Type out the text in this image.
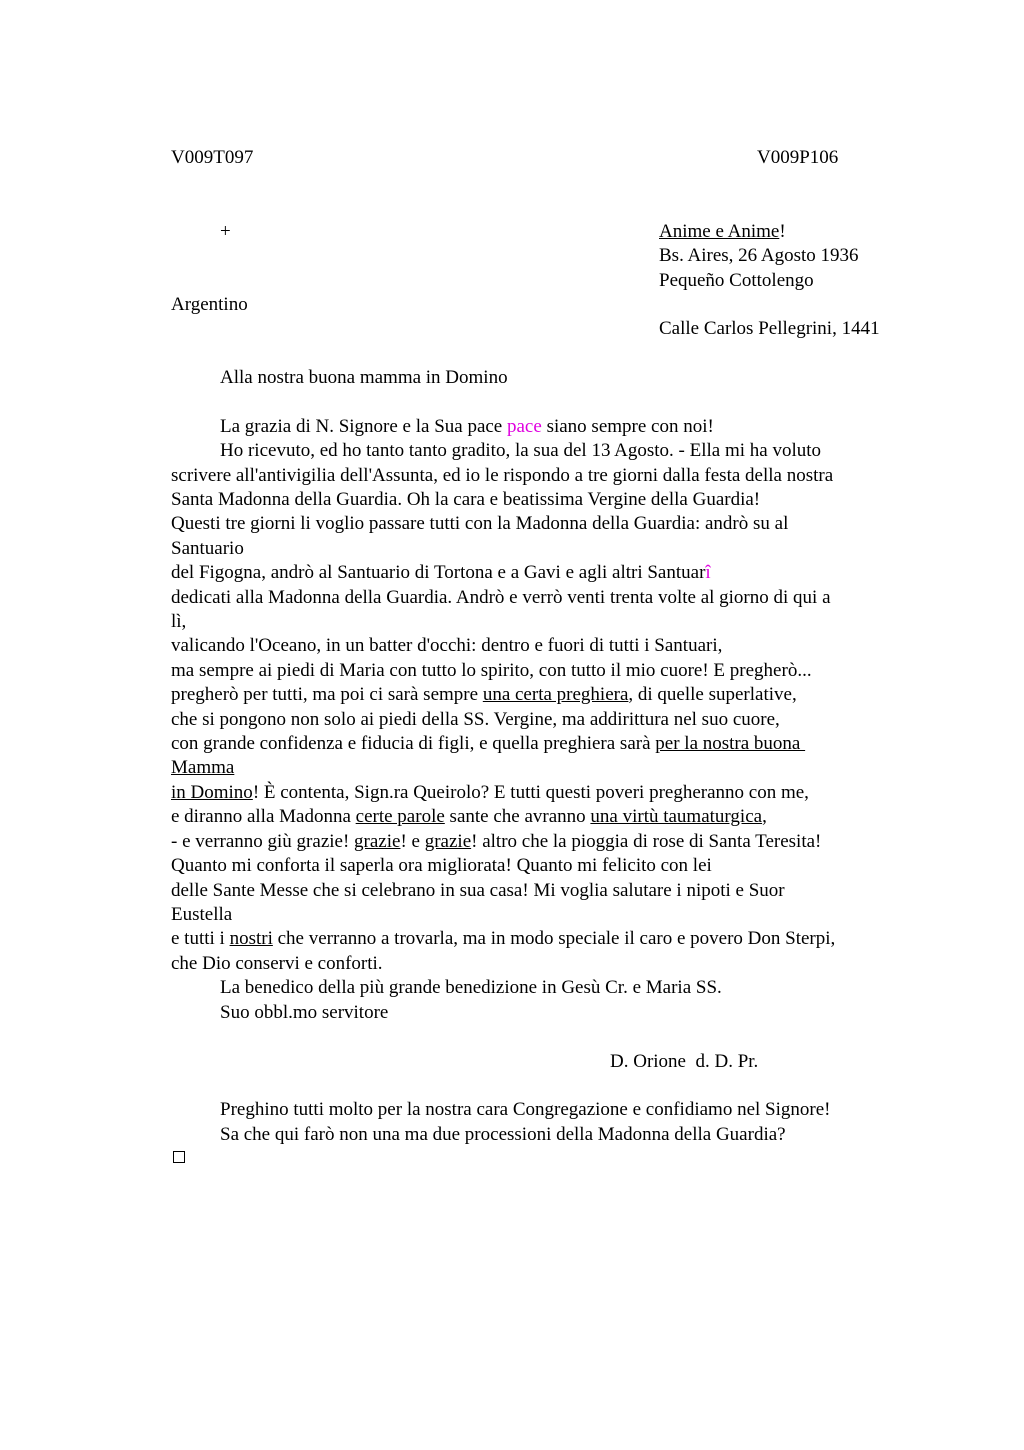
V009T097	V009P106
+	Anime e Anime!
Bs. Aires, 26 Agosto 1936
Pequeño Cottolengo
Argentino
Calle Carlos Pellegrini, 1441
Alla nostra buona mamma in Domino
La grazia di N. Signore e la Sua pace pace siano sempre con noi!
Ho ricevuto, ed ho tanto tanto gradito, la sua del 13 Agosto. - Ella mi ha voluto
scrivere all'antivigilia dell'Assunta, ed io le rispondo a tre giorni dalla festa della nostra
Santa Madonna della Guardia. Oh la cara e beatissima Vergine della Guardia!
Questi tre giorni li voglio passare tutti con la Madonna della Guardia: andrò su al
Santuario
del Figogna, andrò al Santuario di Tortona e a Gavi e agli altri Santuarî
dedicati alla Madonna della Guardia. Andrò e verrò venti trenta volte al giorno di qui a
lì,
valicando l'Oceano, in un batter d'occhi: dentro e fuori di tutti i Santuari,
ma sempre ai piedi di Maria con tutto lo spirito, con tutto il mio cuore! E pregherò...
pregherò per tutti, ma poi ci sarà sempre una certa preghiera, di quelle superlative,
che si pongono non solo ai piedi della SS. Vergine, ma addirittura nel suo cuore,
con grande confidenza e fiducia di figli, e quella preghiera sarà per la nostra buona
Mamma
in Domino! È contenta, Sign.ra Queirolo? E tutti questi poveri pregheranno con me,
e diranno alla Madonna certe parole sante che avranno una virtù taumaturgica,
- e verranno giù grazie! grazie! e grazie! altro che la pioggia di rose di Santa Teresita!
Quanto mi conforta il saperla ora migliorata! Quanto mi felicito con lei
delle Sante Messe che si celebrano in sua casa! Mi voglia salutare i nipoti e Suor
Eustella
e tutti i nostri che verranno a trovarla, ma in modo speciale il caro e povero Don Sterpi,
che Dio conservi e conforti.
La benedico della più grande benedizione in Gesù Cr. e Maria SS.
Suo obbl.mo servitore
D. Orione  d. D. Pr.
Preghino tutti molto per la nostra cara Congregazione e confidiamo nel Signore!
Sa che qui farò non una ma due processioni della Madonna della Guardia?
